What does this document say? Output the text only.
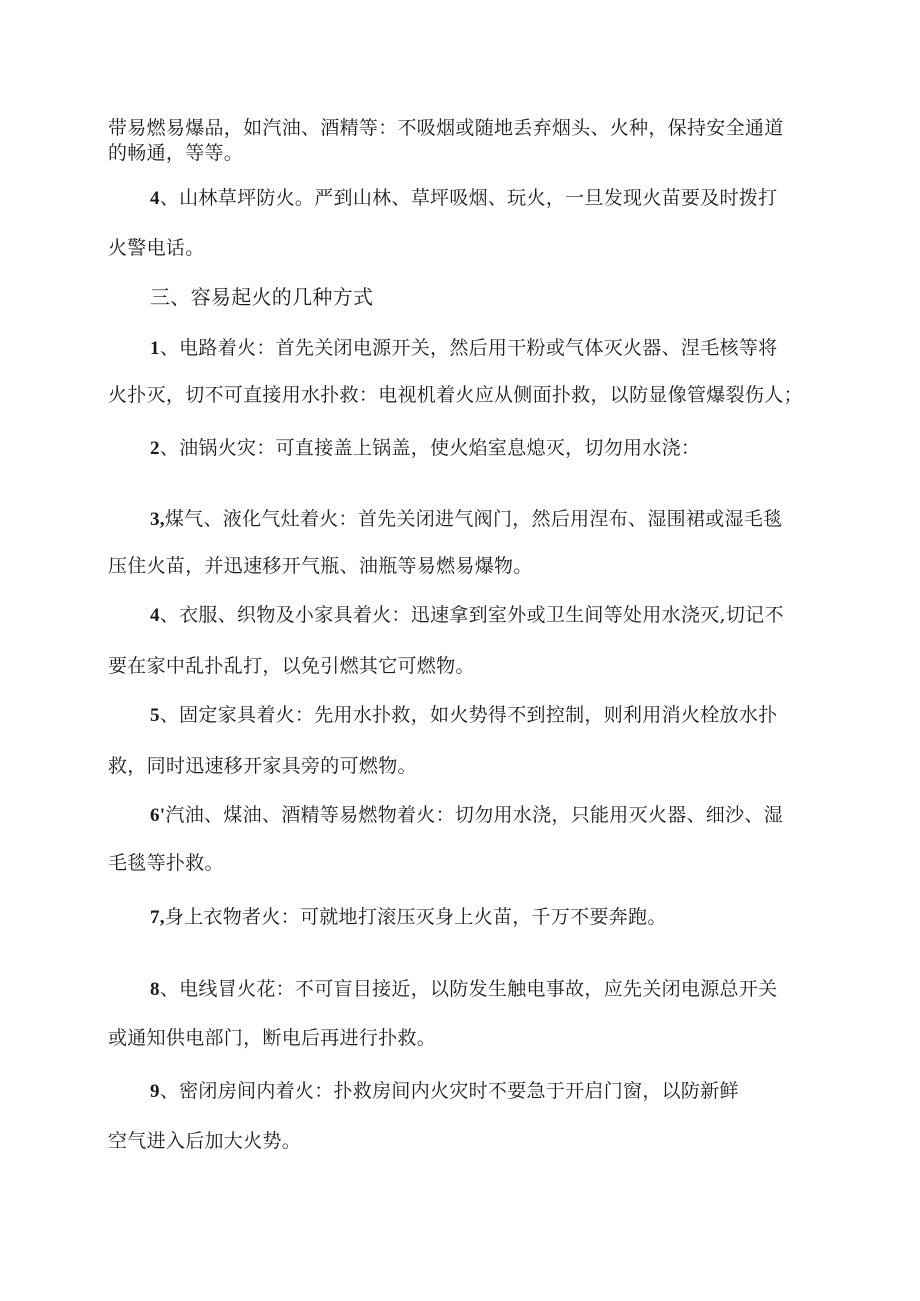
带易燃易爆品，如汽油、酒精等：不吸烟或随地丢弃烟头、火种，保持安全通道
的畅通，等等。
4、山林草坪防火。严到山林、草坪吸烟、玩火，一旦发现火苗要及时拨打
火警电话。
三、容易起火的几种方式
1、电路着火：首先关闭电源开关，然后用干粉或气体灭火器、涅毛核等将
火扑灭，切不可直接用水扑救：电视机着火应从侧面扑救，以防显像管爆裂伤人；
2、油锅火灾：可直接盖上锅盖，使火焰室息熄灭，切勿用水浇：
3,煤气、液化气灶着火：首先关闭进气阀门，然后用涅布、湿围裙或湿毛毯
压住火苗，并迅速移开气瓶、油瓶等易燃易爆物。
4、衣服、织物及小家具着火：迅速拿到室外或卫生间等处用水浇灭,切记不
要在家中乱扑乱打，以免引燃其它可燃物。
5、固定家具着火：先用水扑救，如火势得不到控制，则利用消火栓放水扑
救，同时迅速移开家具旁的可燃物。
6'汽油、煤油、酒精等易燃物着火：切勿用水浇，只能用灭火器、细沙、湿
毛毯等扑救。
7,身上衣物者火：可就地打滚压灭身上火苗，千万不要奔跑。
8、电线冒火花：不可盲目接近，以防发生触电事故，应先关闭电源总开关
或通知供电部门，断电后再进行扑救。
9、密闭房间内着火：扑救房间内火灾时不要急于开启门窗，以防新鲜
空气进入后加大火势。
